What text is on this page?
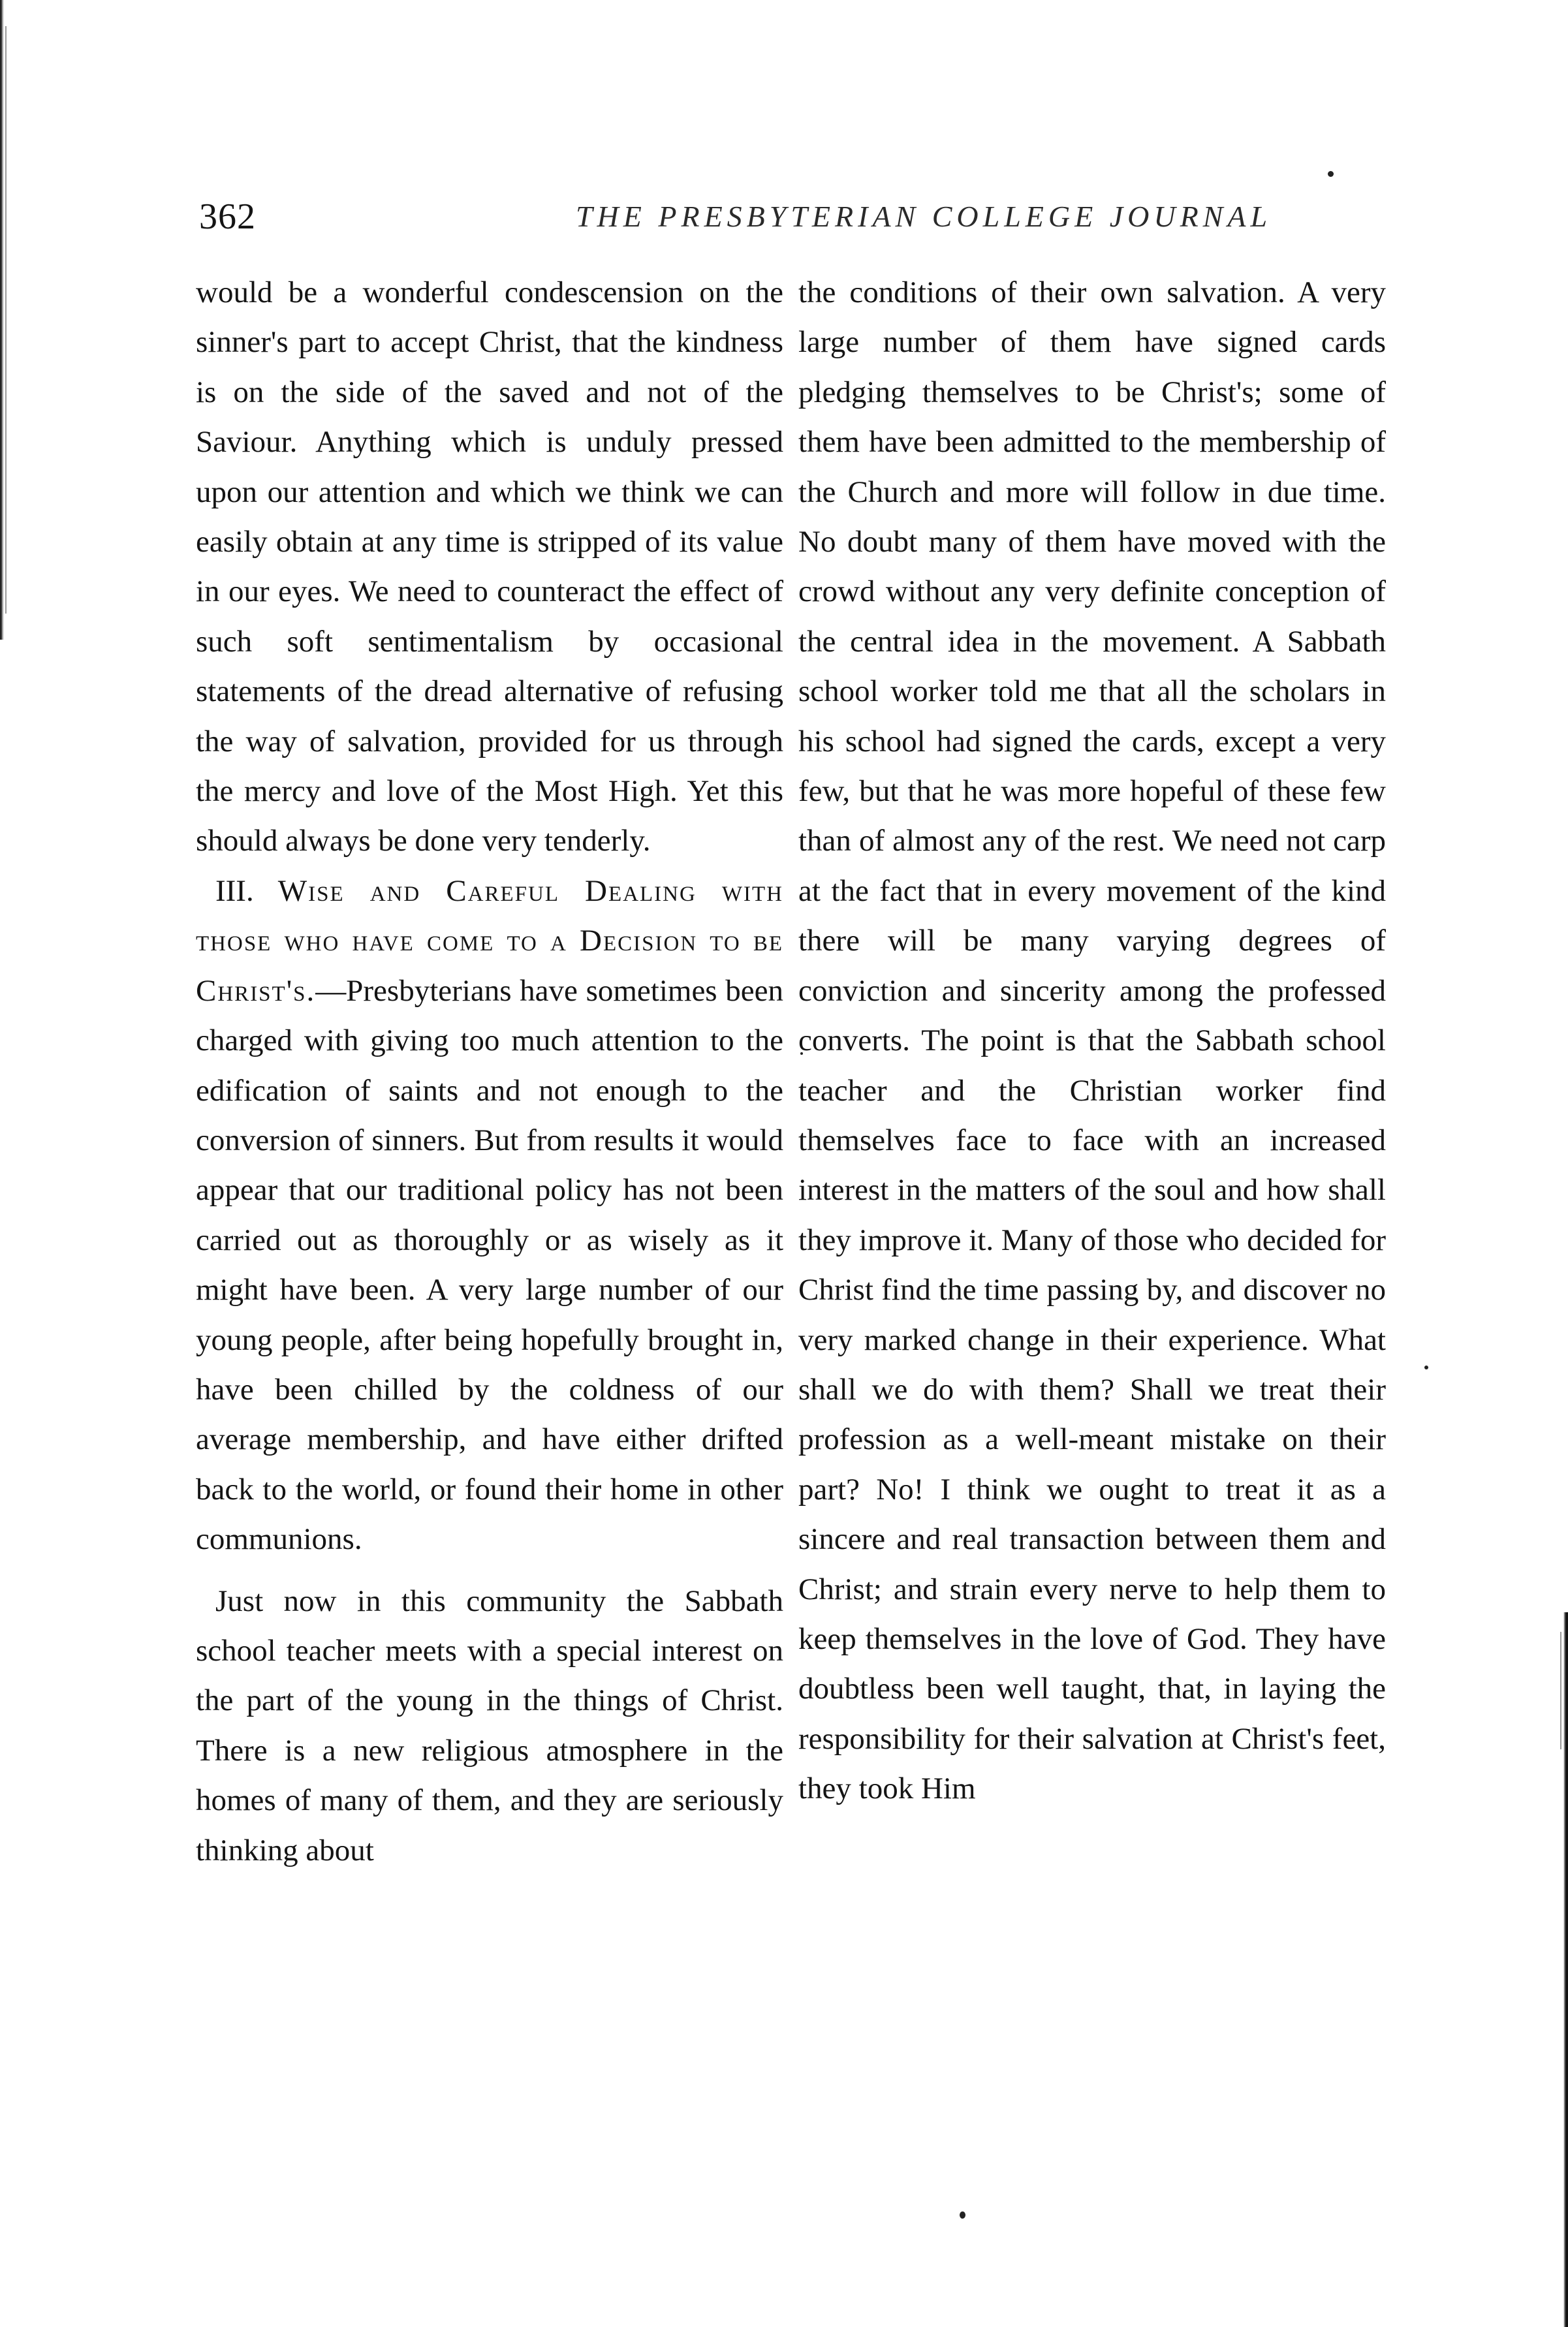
362	THE PRESBYTERIAN COLLEGE JOURNAL

would be a wonderful condescension on the sinner's part to accept Christ, that the kindness is on the side of the saved and not of the Saviour. Anything which is unduly pressed upon our attention and which we think we can easily obtain at any time is stripped of its value in our eyes. We need to counteract the effect of such soft sentimentalism by occasional statements of the dread alternative of refusing the way of salvation, provided for us through the mercy and love of the Most High. Yet this should always be done very tenderly.

III. Wise and Careful Dealing with those who have come to a Decision to be Christ's.—Presbyterians have sometimes been charged with giving too much attention to the edification of saints and not enough to the conversion of sinners. But from results it would appear that our traditional policy has not been carried out as thoroughly or as wisely as it might have been. A very large number of our young people, after being hopefully brought in, have been chilled by the coldness of our average membership, and have either drifted back to the world, or found their home in other communions.

Just now in this community the Sabbath school teacher meets with a special interest on the part of the young in the things of Christ. There is a new religious atmosphere in the homes of many of them, and they are seriously thinking about

the conditions of their own salvation. A very large number of them have signed cards pledging themselves to be Christ's; some of them have been admitted to the membership of the Church and more will follow in due time. No doubt many of them have moved with the crowd without any very definite conception of the central idea in the movement. A Sabbath school worker told me that all the scholars in his school had signed the cards, except a very few, but that he was more hopeful of these few than of almost any of the rest. We need not carp at the fact that in every movement of the kind there will be many varying degrees of conviction and sincerity among the professed converts. The point is that the Sabbath school teacher and the Christian worker find themselves face to face with an increased interest in the matters of the soul and how shall they improve it. Many of those who decided for Christ find the time passing by, and discover no very marked change in their experience. What shall we do with them? Shall we treat their profession as a well-meant mistake on their part? No! I think we ought to treat it as a sincere and real transaction between them and Christ; and strain every nerve to help them to keep themselves in the love of God. They have doubtless been well taught, that, in laying the responsibility for their salvation at Christ's feet, they took Him
